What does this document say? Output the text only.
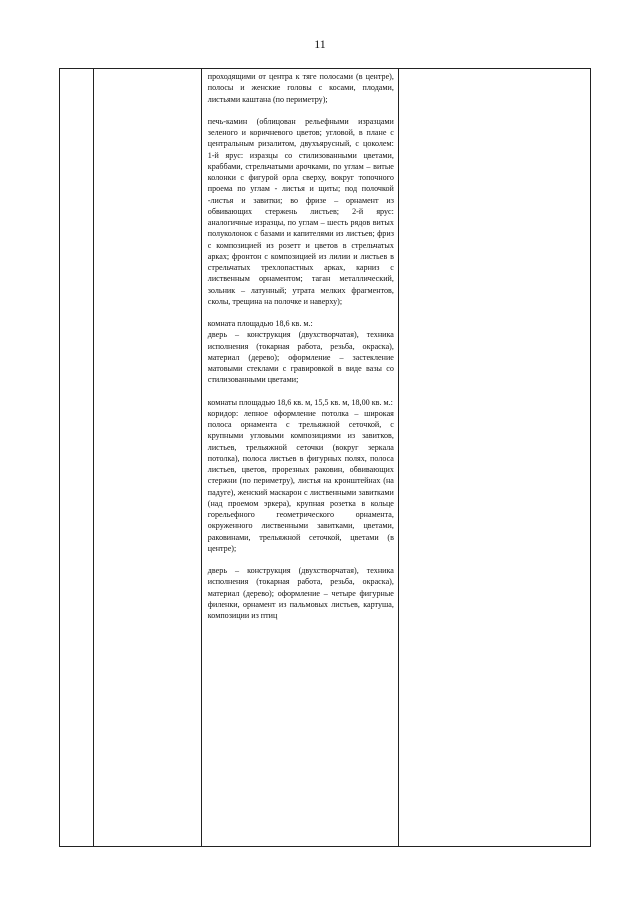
11

проходящими от центра к тяге полосами (в центре), полосы и женские головы с косами, плодами, листьями каштана (по периметру);

печь-камин (облицован рельефными изразцами зеленого и коричневого цветов; угловой, в плане с центральным ризалитом, двухъярусный, с цоколем: 1-й ярус: изразцы со стилизованными цветами, краббами, стрельчатыми арочками, по углам – витые колонки с фигурой орла сверху, вокруг топочного проема по углам - листья и щиты; под полочкой -листья и завитки; во фризе – орнамент из обвивающих стержень листьев; 2-й ярус: аналогичные изразцы, по углам – шесть рядов витых полуколонок с базами и капителями из листьев; фриз с композицией из розетт и цветов в стрельчатых арках; фронтон с композицией из лилии и листьев в стрельчатых трехлопастных арках, карниз с лиственным орнаментом; таган металлический, зольник – латунный; утрата мелких фрагментов, сколы, трещина на полочке и наверху);

комната площадью 18,6 кв. м.:

дверь – конструкция (двухстворчатая), техника исполнения (токарная работа, резьба, окраска), материал (дерево); оформление – застекление матовыми стеклами с гравировкой в виде вазы со стилизованными цветами;

комнаты площадью 18,6 кв. м, 15,5 кв. м, 18,00 кв. м.:

коридор: лепное оформление потолка – широкая полоса орнамента с трельяжной сеточкой, с крупными угловыми композициями из завитков, листьев, трельяжной сеточки (вокруг зеркала потолка), полоса листьев в фигурных полях, полоса листьев, цветов, прорезных раковин, обвивающих стержни (по периметру), листья на кронштейнах (на падуге), женский маскарон с лиственными завитками (над проемом эркера), крупная розетка в кольце горельефного геометрического орнамента, окруженного лиственными завитками, цветами, раковинами, трельяжной сеточкой, цветами (в центре);

дверь – конструкция (двухстворчатая), техника исполнения (токарная работа, резьба, окраска), материал (дерево); оформление – четыре фигурные филенки, орнамент из пальмовых листьев, картуша, композиции из птиц
